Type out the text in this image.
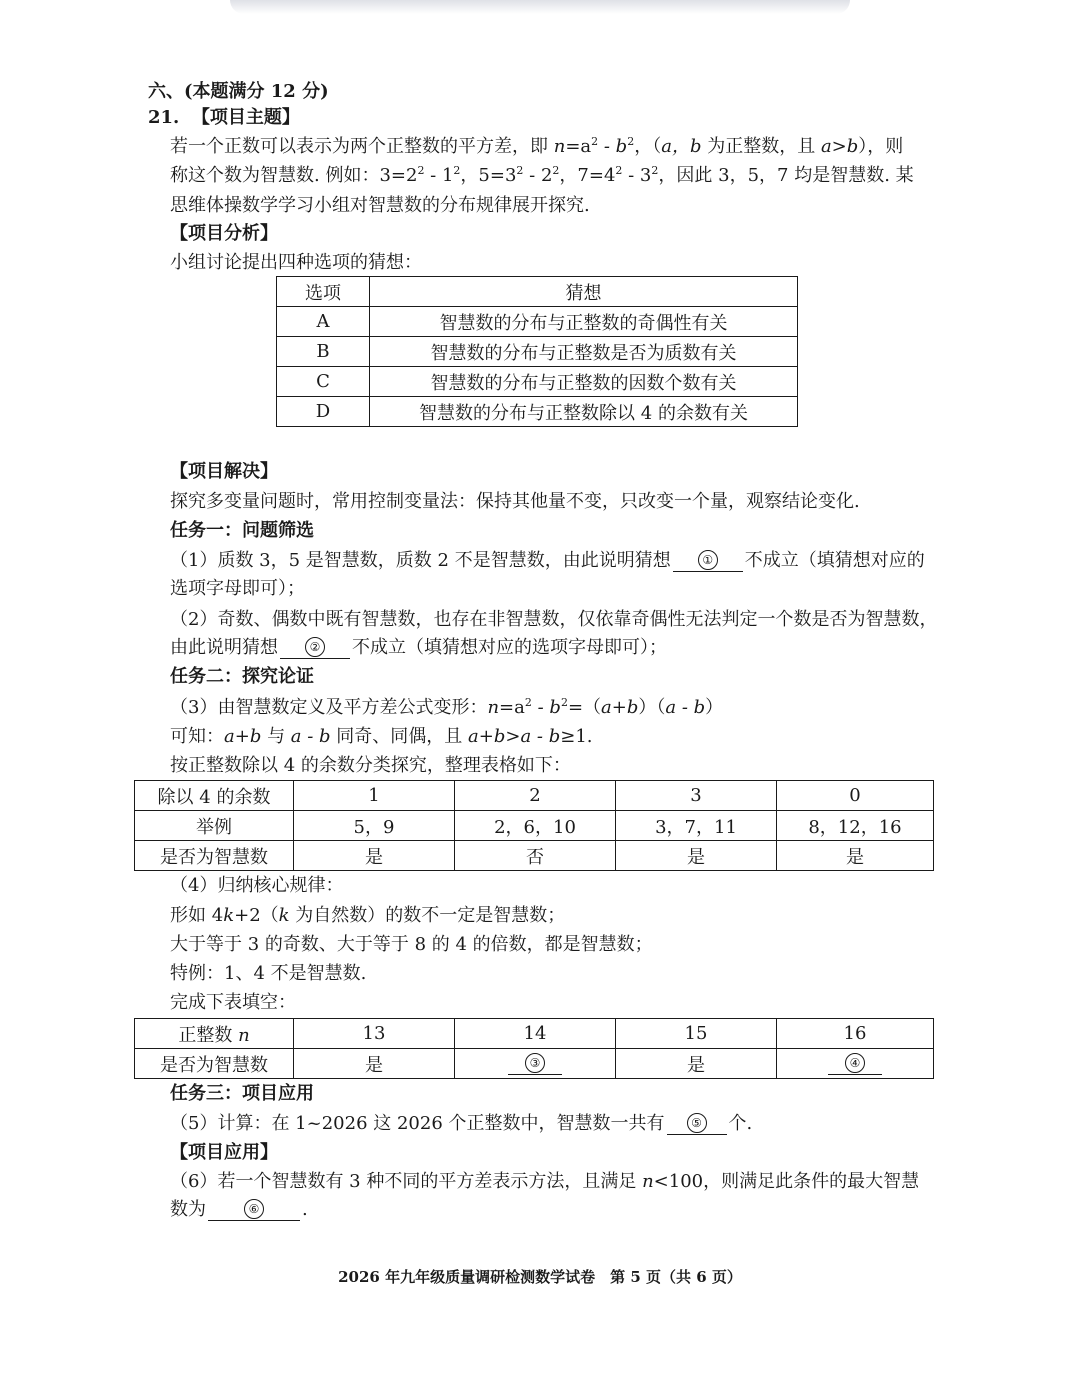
六、(本题满分 12 分)
21. 【项目主题】
若一个正数可以表示为两个正整数的平方差，即 $n=a^2 - b^2$，（a，b 为正整数，且 a>b），则
称这个数为智慧数. 例如：$3=2^2 - 1^2$，$5=3^2 - 2^2$，$7=4^2 - 3^2$，因此 3，5，7 均是智慧数. 某
思维体操数学学习小组对智慧数的分布规律展开探究.
【项目分析】
小组讨论提出四种选项的猜想：
选项	猜想
A	智慧数的分布与正整数的奇偶性有关
B	智慧数的分布与正整数是否为质数有关
C	智慧数的分布与正整数的因数个数有关
D	智慧数的分布与正整数除以 4 的余数有关
【项目解决】
探究多变量问题时，常用控制变量法：保持其他量不变，只改变一个量，观察结论变化.
任务一：问题筛选
（1）质数 3，5 是智慧数，质数 2 不是智慧数，由此说明猜想	① 不成立（填猜想对应的
选项字母即可）；
（2）奇数、偶数中既有智慧数，也存在非智慧数，仅依靠奇偶性无法判定一个数是否为智慧数，
由此说明猜想	② 不成立（填猜想对应的选项字母即可）；
任务二：探究论证
（3）由智慧数定义及平方差公式变形：$n=a^2 - b^2=(a+b)(a - b)$
可知：a+b 与 a - b 同奇、同偶，且 a+b>a - b≥1.
按正整数除以 4 的余数分类探究，整理表格如下：
除以 4 的余数	1	2	3	0
举例	5，9	2，6，10	3，7，11	8，12，16
是否为智慧数	是	否	是	是
（4）归纳核心规律：
形如 4k+2（k 为自然数）的数不一定是智慧数；
大于等于 3 的奇数、大于等于 8 的 4 的倍数，都是智慧数；
特例：1、4 不是智慧数.
完成下表填空：
正整数 n	13	14	15	16
是否为智慧数	是	③	是	④
任务三：项目应用
（5）计算：在 1~2026 这 2026 个正整数中，智慧数一共有 ⑤ 个.
【项目应用】
（6）若一个智慧数有 3 种不同的平方差表示方法，且满足 n<100，则满足此条件的最大智慧
数为	⑥ .
2026 年九年级质量调研检测数学试卷　第 5 页（共 6 页）
